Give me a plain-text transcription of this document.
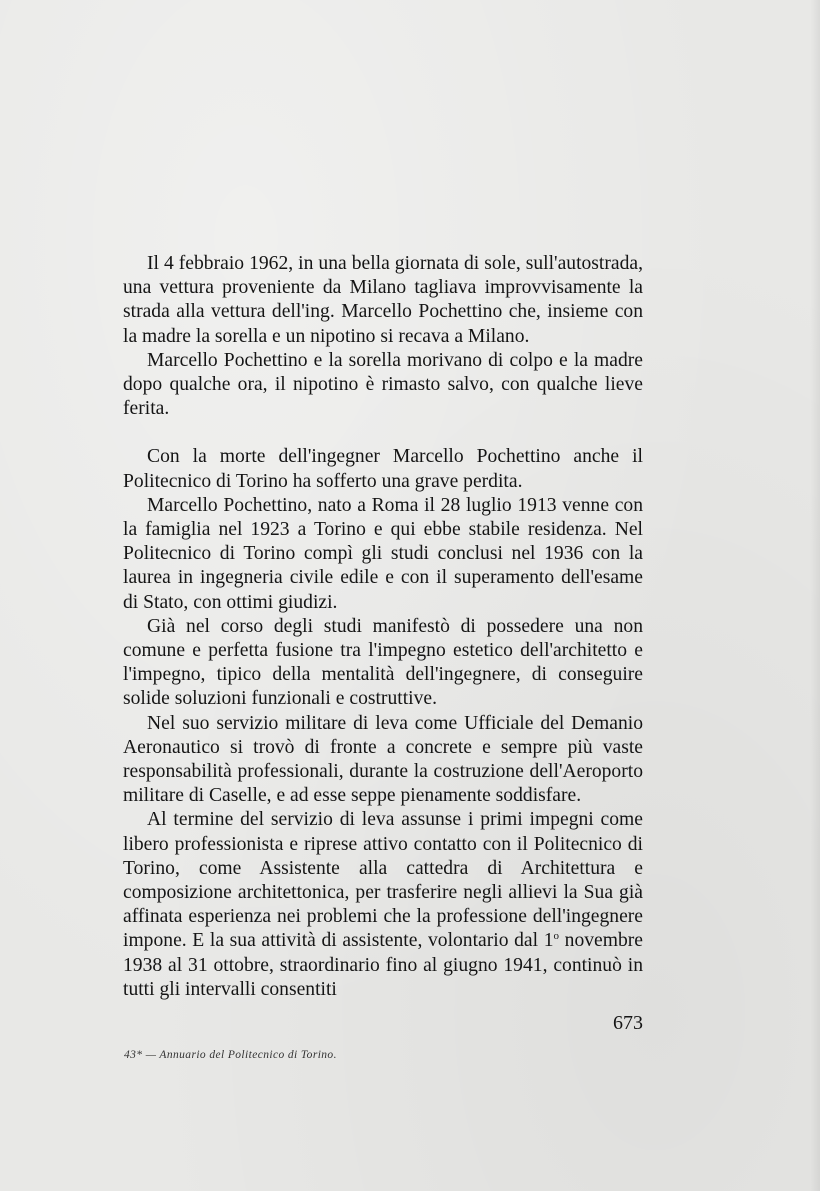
Il 4 febbraio 1962, in una bella giornata di sole, sull'autostrada, una vettura proveniente da Milano tagliava improvvisamente la strada alla vettura dell'ing. Marcello Pochettino che, insieme con la madre la sorella e un nipotino si recava a Milano.

Marcello Pochettino e la sorella morivano di colpo e la madre dopo qualche ora, il nipotino è rimasto salvo, con qualche lieve ferita.

Con la morte dell'ingegner Marcello Pochettino anche il Politecnico di Torino ha sofferto una grave perdita.

Marcello Pochettino, nato a Roma il 28 luglio 1913 venne con la famiglia nel 1923 a Torino e qui ebbe stabile residenza. Nel Politecnico di Torino compì gli studi conclusi nel 1936 con la laurea in ingegneria civile edile e con il superamento dell'esame di Stato, con ottimi giudizi.

Già nel corso degli studi manifestò di possedere una non comune e perfetta fusione tra l'impegno estetico dell'architetto e l'impegno, tipico della mentalità dell'ingegnere, di conseguire solide soluzioni funzionali e costruttive.

Nel suo servizio militare di leva come Ufficiale del Demanio Aeronautico si trovò di fronte a concrete e sempre più vaste responsabilità professionali, durante la costruzione dell'Aeroporto militare di Caselle, e ad esse seppe pienamente soddisfare.

Al termine del servizio di leva assunse i primi impegni come libero professionista e riprese attivo contatto con il Politecnico di Torino, come Assistente alla cattedra di Architettura e composizione architettonica, per trasferire negli allievi la Sua già affinata esperienza nei problemi che la professione dell'ingegnere impone. E la sua attività di assistente, volontario dal 1$^o$ novembre 1938 al 31 ottobre, straordinario fino al giugno 1941, continuò in tutti gli intervalli consentiti

673
43* — Annuario del Politecnico di Torino.
